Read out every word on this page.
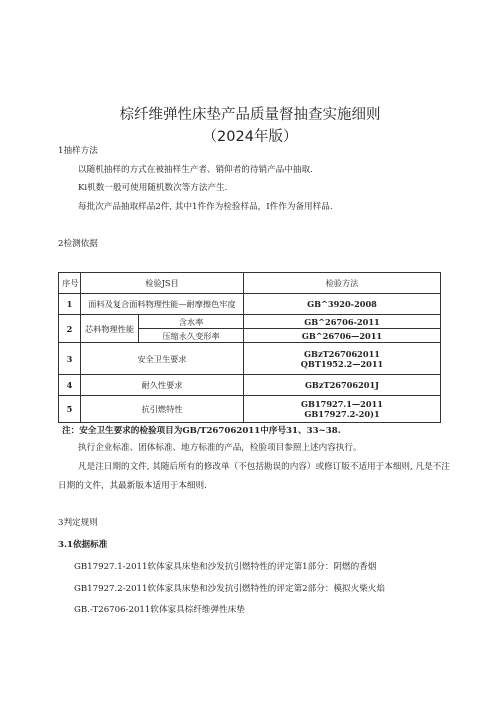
棕纤维弹性床垫产品质量督抽查实施细则
（2024年版）
1抽样方法
以随机抽样的方式在被抽样生产者、销仰者的待销产品中抽取.
Ki机数一般可使用随机数次等方法产生.
每批次产品抽取样品2件, 其中1件作为检验样品，I件作为备用样品.
2检测依据
序号	检验JS目		检验方法
1	面料及复合面料物理性能—耐摩擦色牢度		GB^3920-2008
2	芯料物理性能	含水率	GB^26706-2011
		压缩永久变形率	GB^26706—2011
3	安全卫生要求		GBzT267062011
QBT1952.2—2011

4	耐久性要求		GBzT26706201J
5	抗引燃特性		GB17927.1—2011
GB17927.2-20)1
注：安全卫生要求的检验项目为GB/T267062011中序号31、33~38.
执行企业标准、团体标准、地方标准的产品，检脸项目参照上述内容执行。
凡是注日期的文件, 其随后所有的修改单（不包括勘误的内容）或修订版不适用于本细则, 凡是不注
日期的文件，其最新版本适用于本细则.
3判定规则
3.1依据标准
GB17927.1-2011软体家具床垫和沙发抗引燃特性的评定第1部分：阴燃的香烟
GB17927.2-2011软体家具床垫和沙发抗引燃特性的评定第2部分：模拟火柴火焰
GB.-T26706-2011软体家具棕纤维弹性床垫
